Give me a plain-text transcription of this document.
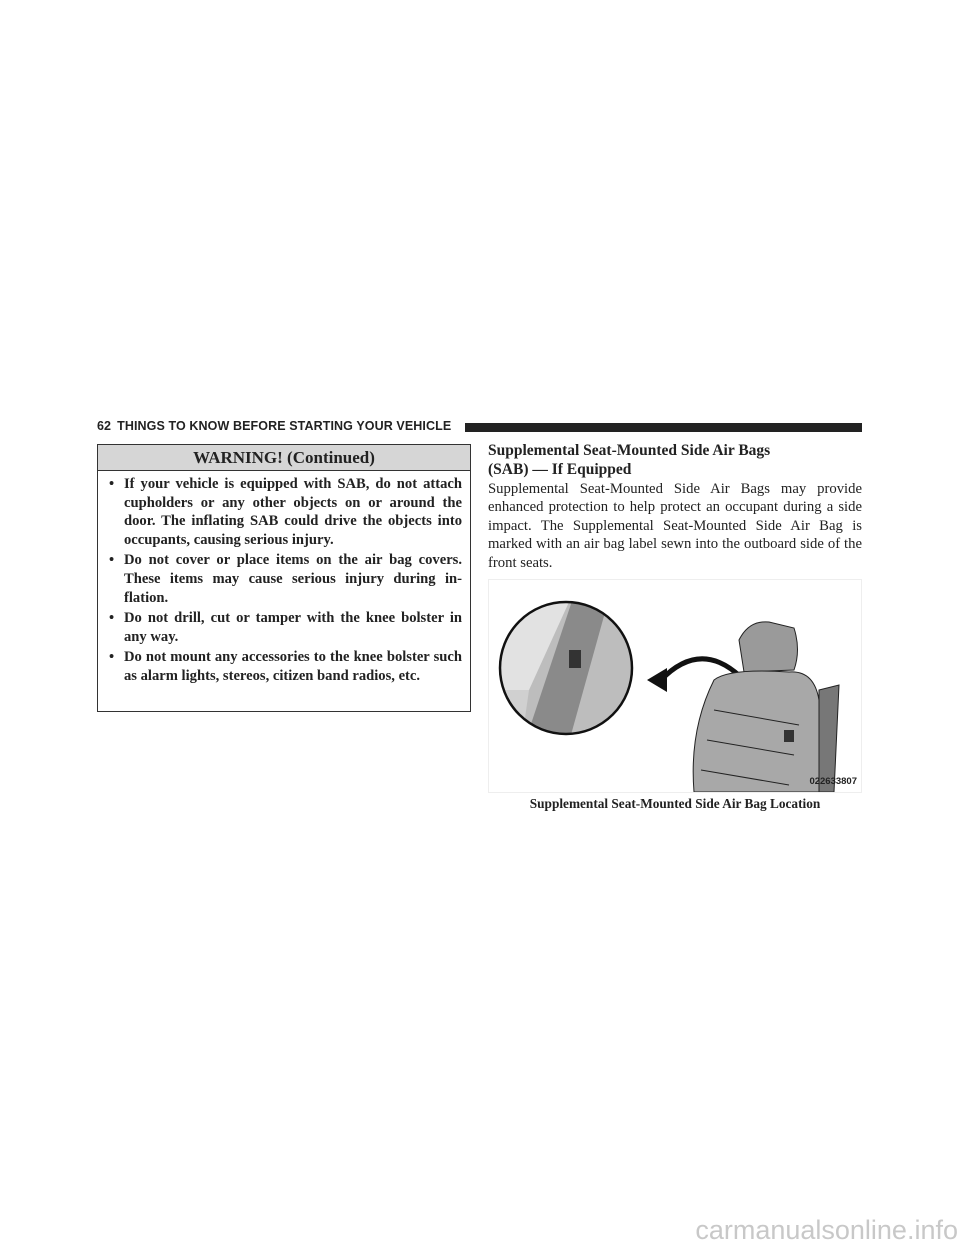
62 THINGS TO KNOW BEFORE STARTING YOUR VEHICLE
WARNING! (Continued)
• If your vehicle is equipped with SAB, do not attach cupholders or any other objects on or around the door. The inflating SAB could drive the objects into occupants, causing serious injury.
• Do not cover or place items on the air bag covers. These items may cause serious injury during in-flation.
• Do not drill, cut or tamper with the knee bolster in any way.
• Do not mount any accessories to the knee bolster such as alarm lights, stereos, citizen band radios, etc.
Supplemental Seat-Mounted Side Air Bags
(SAB) — If Equipped
Supplemental Seat-Mounted Side Air Bags may provide enhanced protection to help protect an occupant during a side impact. The Supplemental Seat-Mounted Side Air Bag is marked with an air bag label sewn into the outboard side of the front seats.
022633807
Supplemental Seat-Mounted Side Air Bag Location
carmanualsonline.info
